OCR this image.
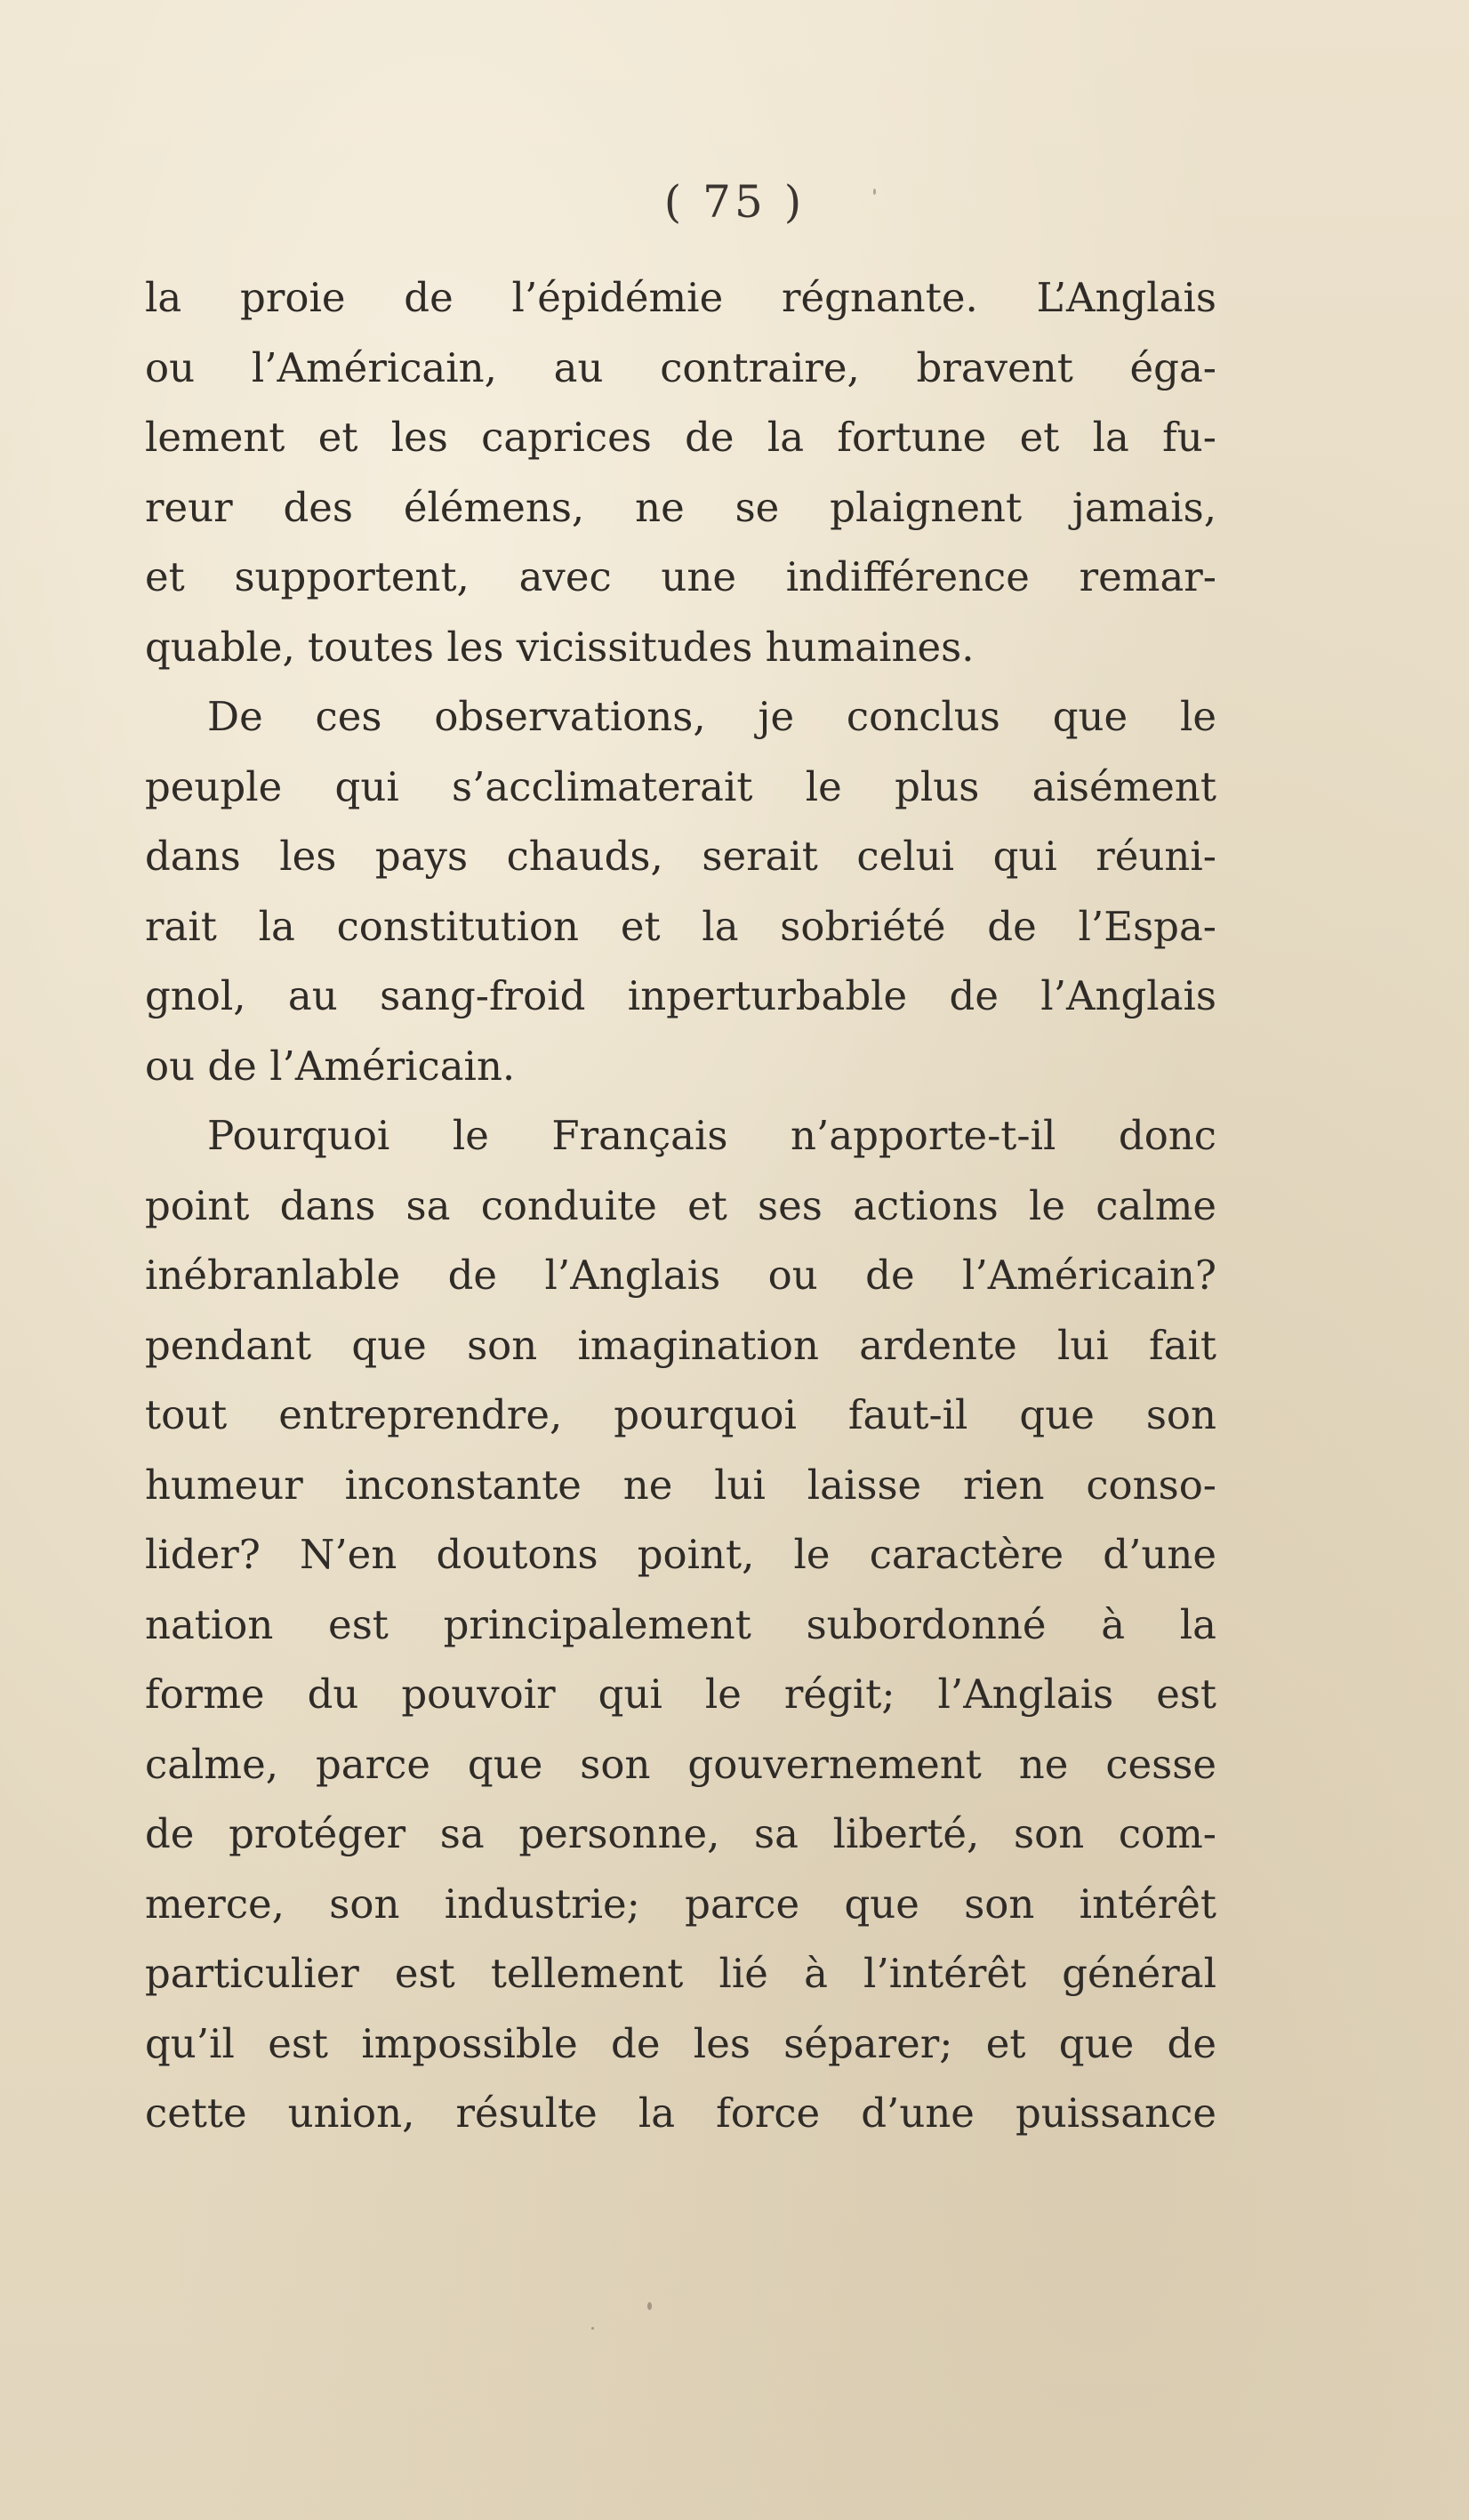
( 75 )
la proie de l’épidémie régnante. L’Anglais
ou l’Américain, au contraire, bravent éga-
lement et les caprices de la fortune et la fu-
reur des élémens, ne se plaignent jamais,
et supportent, avec une indifférence remar-
quable, toutes les vicissitudes humaines.
De ces observations, je conclus que le
peuple qui s’acclimaterait le plus aisément
dans les pays chauds, serait celui qui réuni-
rait la constitution et la sobriété de l’Espa-
gnol, au sang-froid inperturbable de l’Anglais
ou de l’Américain.
Pourquoi le Français n’apporte-t-il donc
point dans sa conduite et ses actions le calme
inébranlable de l’Anglais ou de l’Américain?
pendant que son imagination ardente lui fait
tout entreprendre, pourquoi faut-il que son
humeur inconstante ne lui laisse rien conso-
lider? N’en doutons point, le caractère d’une
nation est principalement subordonné à la
forme du pouvoir qui le régit; l’Anglais est
calme, parce que son gouvernement ne cesse
de protéger sa personne, sa liberté, son com-
merce, son industrie; parce que son intérêt
particulier est tellement lié à l’intérêt général
qu’il est impossible de les séparer; et que de
cette union, résulte la force d’une puissance
